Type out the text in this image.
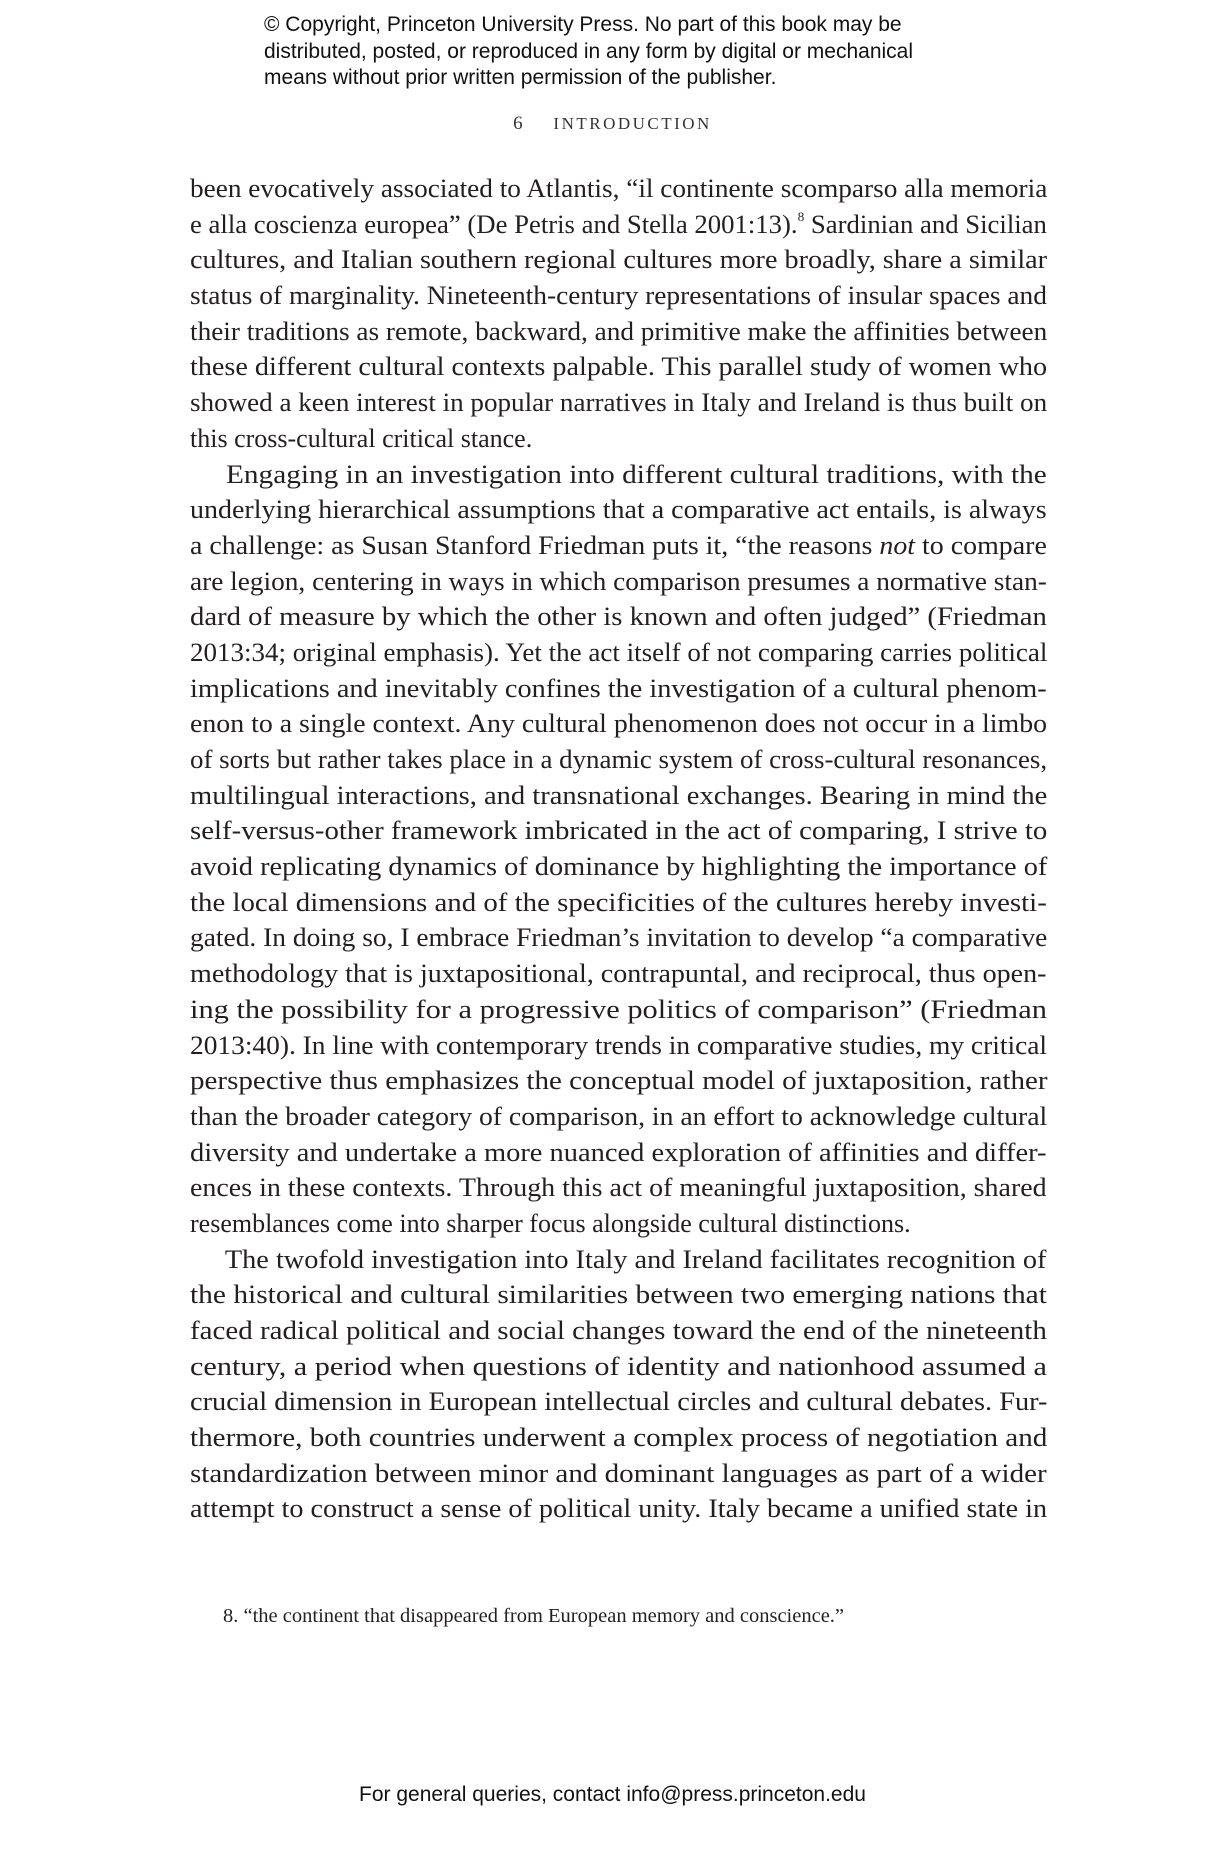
© Copyright, Princeton University Press. No part of this book may be
distributed, posted, or reproduced in any form by digital or mechanical
means without prior written permission of the publisher.
6 INTRODUCTION
been evocatively associated to Atlantis, “il continente scomparso alla memoria
e alla coscienza europea” (De Petris and Stella 2001:13).$^8$ Sardinian and Sicilian
cultures, and Italian southern regional cultures more broadly, share a similar
status of marginality. Nineteenth-century representations of insular spaces and
their traditions as remote, backward, and primitive make the affinities between
these different cultural contexts palpable. This parallel study of women who
showed a keen interest in popular narratives in Italy and Ireland is thus built on
this cross-cultural critical stance.
Engaging in an investigation into different cultural traditions, with the
underlying hierarchical assumptions that a comparative act entails, is always
a challenge: as Susan Stanford Friedman puts it, “the reasons not to compare
are legion, centering in ways in which comparison presumes a normative stan-
dard of measure by which the other is known and often judged” (Friedman
2013:34; original emphasis). Yet the act itself of not comparing carries political
implications and inevitably confines the investigation of a cultural phenom-
enon to a single context. Any cultural phenomenon does not occur in a limbo
of sorts but rather takes place in a dynamic system of cross-cultural resonances,
multilingual interactions, and transnational exchanges. Bearing in mind the
self-versus-other framework imbricated in the act of comparing, I strive to
avoid replicating dynamics of dominance by highlighting the importance of
the local dimensions and of the specificities of the cultures hereby investi-
gated. In doing so, I embrace Friedman’s invitation to develop “a comparative
methodology that is juxtapositional, contrapuntal, and reciprocal, thus open-
ing the possibility for a progressive politics of comparison” (Friedman
2013:40). In line with contemporary trends in comparative studies, my critical
perspective thus emphasizes the conceptual model of juxtaposition, rather
than the broader category of comparison, in an effort to acknowledge cultural
diversity and undertake a more nuanced exploration of affinities and differ-
ences in these contexts. Through this act of meaningful juxtaposition, shared
resemblances come into sharper focus alongside cultural distinctions.
The twofold investigation into Italy and Ireland facilitates recognition of
the historical and cultural similarities between two emerging nations that
faced radical political and social changes toward the end of the nineteenth
century, a period when questions of identity and nationhood assumed a
crucial dimension in European intellectual circles and cultural debates. Fur-
thermore, both countries underwent a complex process of negotiation and
standardization between minor and dominant languages as part of a wider
attempt to construct a sense of political unity. Italy became a unified state in
8. “the continent that disappeared from European memory and conscience.”
For general queries, contact info@press.princeton.edu
